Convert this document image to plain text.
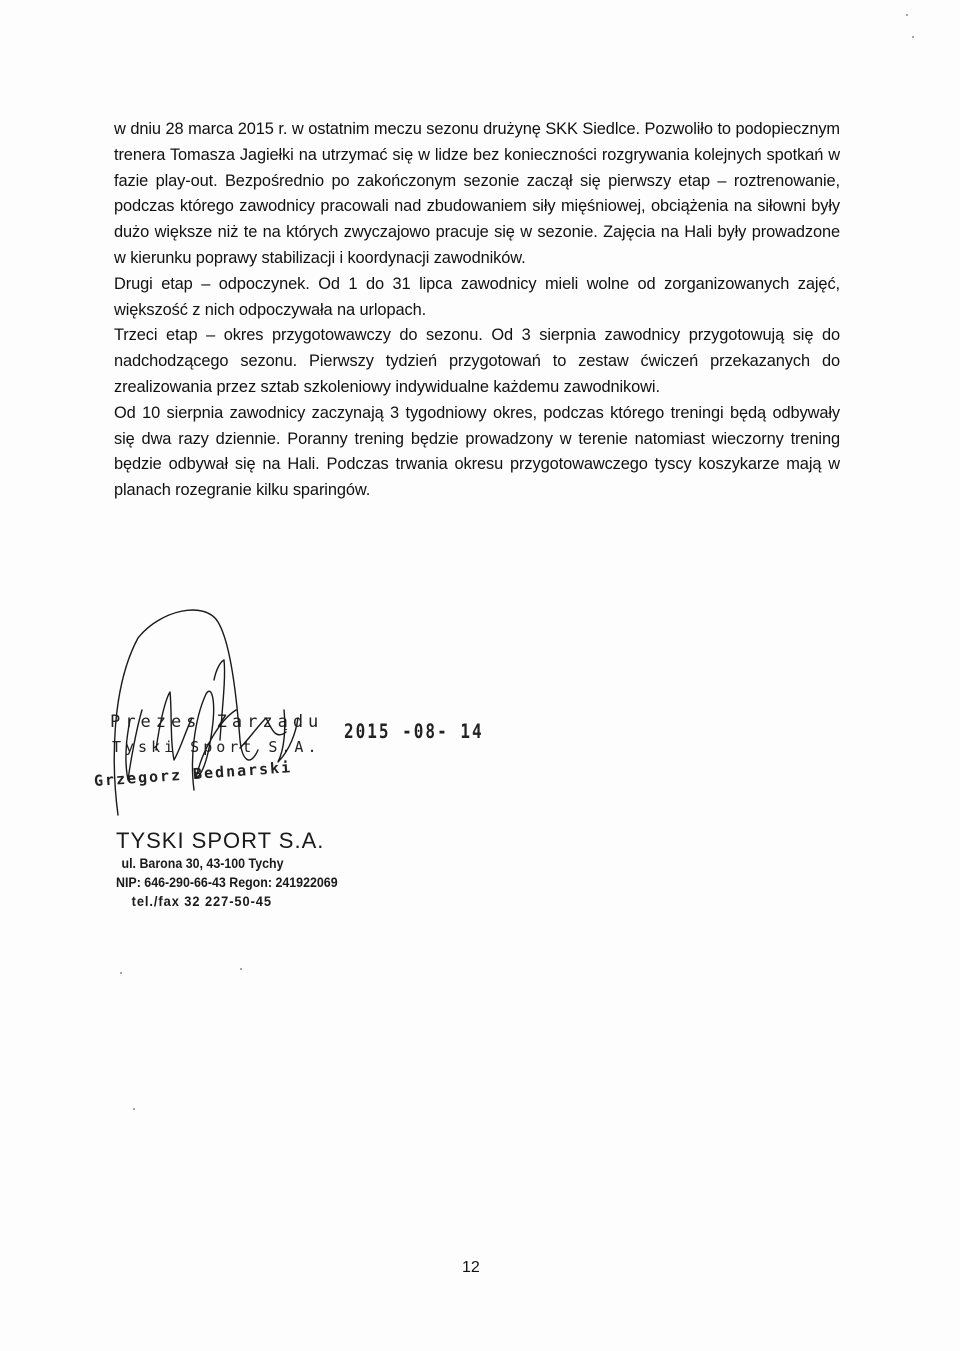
w dniu 28 marca 2015 r. w ostatnim meczu sezonu drużynę SKK Siedlce. Pozwoliło to podopiecznym trenera Tomasza Jagiełki na utrzymać się w lidze bez konieczności rozgrywania kolejnych spotkań w fazie play-out. Bezpośrednio po zakończonym sezonie zaczął się pierwszy etap – roztrenowanie, podczas którego zawodnicy pracowali nad zbudowaniem siły mięśniowej, obciążenia na siłowni były dużo większe niż te na których zwyczajowo pracuje się w sezonie. Zajęcia na Hali były prowadzone w kierunku poprawy stabilizacji i koordynacji zawodników.

Drugi etap – odpoczynek. Od 1 do 31 lipca zawodnicy mieli wolne od zorganizowanych zajęć, większość z nich odpoczywała na urlopach.

Trzeci etap – okres przygotowawczy do sezonu. Od 3 sierpnia zawodnicy przygotowują się do nadchodzącego sezonu. Pierwszy tydzień przygotowań to zestaw ćwiczeń przekazanych do zrealizowania przez sztab szkoleniowy indywidualne każdemu zawodnikowi.

Od 10 sierpnia zawodnicy zaczynają 3 tygodniowy okres, podczas którego treningi będą odbywały się dwa razy dziennie. Poranny trening będzie prowadzony w terenie natomiast wieczorny trening będzie odbywał się na Hali. Podczas trwania okresu przygotowawczego tyscy koszykarze mają w planach rozegranie kilku sparingów.

Prezes Zarządu
Tyski Sport S.A.
Grzegorz Bednarski
2015 -08- 14
TYSKI SPORT S.A.
ul. Barona 30, 43-100 Tychy
NIP: 646-290-66-43 Regon: 241922069
tel./fax 32 227-50-45
12
